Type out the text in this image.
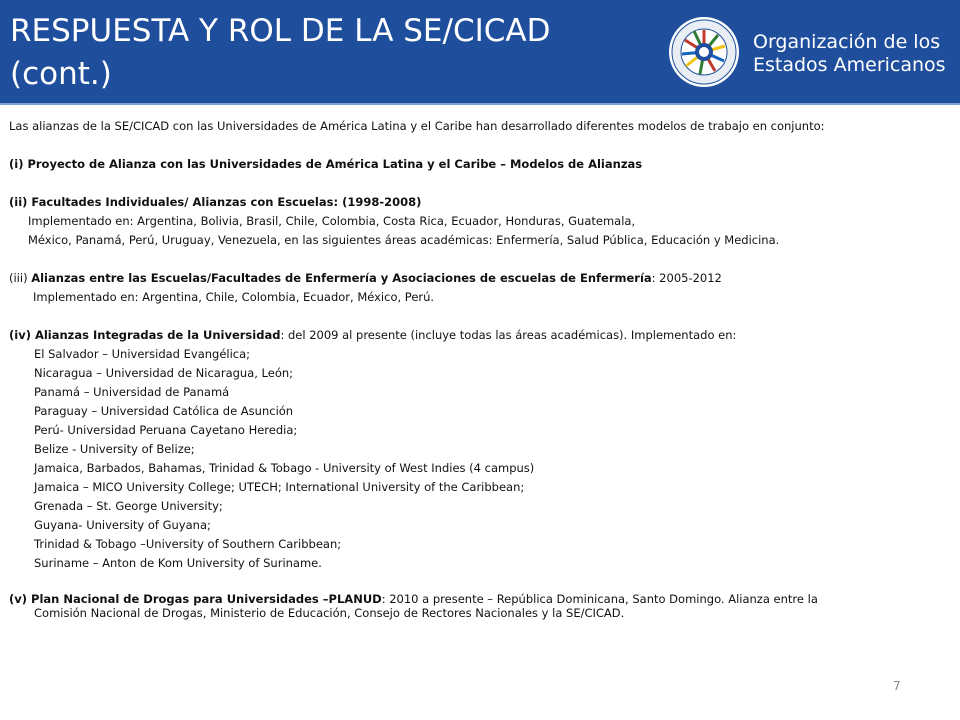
RESPUESTA Y ROL DE LA SE/CICAD
(cont.)
Organización de los
Estados Americanos
Las alianzas de la SE/CICAD con las Universidades de América Latina y el Caribe han desarrollado diferentes modelos de trabajo en conjunto:
(i) Proyecto de Alianza con las Universidades de América Latina y el Caribe – Modelos de Alianzas
(ii) Facultades Individuales/ Alianzas con Escuelas: (1998-2008)
Implementado en: Argentina, Bolivia, Brasil, Chile, Colombia, Costa Rica, Ecuador, Honduras, Guatemala,
México, Panamá, Perú, Uruguay, Venezuela, en las siguientes áreas académicas: Enfermería, Salud Pública, Educación y Medicina.
(iii) Alianzas entre las Escuelas/Facultades de Enfermería y Asociaciones de escuelas de Enfermería: 2005-2012
Implementado en: Argentina, Chile, Colombia, Ecuador, México, Perú.
(iv) Alianzas Integradas de la Universidad: del 2009 al presente (incluye todas las áreas académicas). Implementado en:
El Salvador – Universidad Evangélica;
Nicaragua – Universidad de Nicaragua, León;
Panamá – Universidad de Panamá
Paraguay – Universidad Católica de Asunción
Perú- Universidad Peruana Cayetano Heredia;
Belize - University of Belize;
Jamaica, Barbados, Bahamas, Trinidad & Tobago - University of West Indies (4 campus)
Jamaica – MICO University College; UTECH; International University of the Caribbean;
Grenada – St. George University;
Guyana- University of Guyana;
Trinidad & Tobago –University of Southern Caribbean;
Suriname – Anton de Kom University of Suriname.
(v) Plan Nacional de Drogas para Universidades –PLANUD: 2010 a presente – República Dominicana, Santo Domingo. Alianza entre la
Comisión Nacional de Drogas, Ministerio de Educación, Consejo de Rectores Nacionales y la SE/CICAD.
7
